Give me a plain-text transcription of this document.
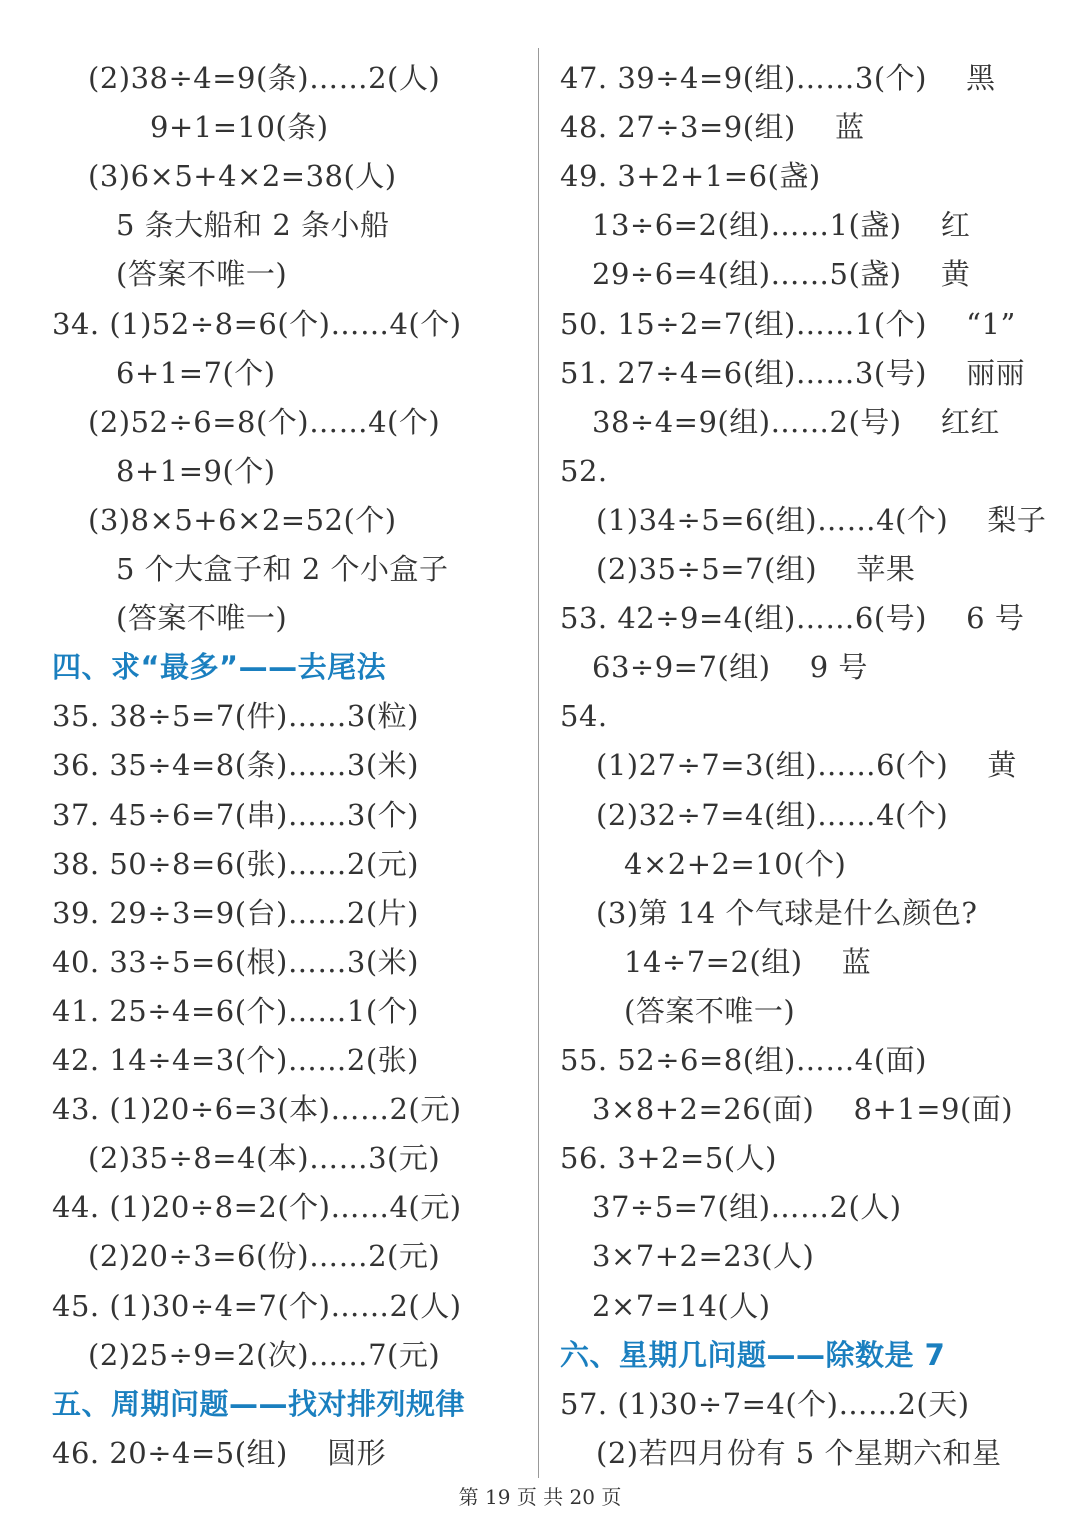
(2)38÷4=9(条)……2(人)
9+1=10(条)
(3)6×5+4×2=38(人)
5 条大船和 2 条小船
(答案不唯一)
34. (1)52÷8=6(个)……4(个)
6+1=7(个)
(2)52÷6=8(个)……4(个)
8+1=9(个)
(3)8×5+6×2=52(个)
5 个大盒子和 2 个小盒子
(答案不唯一)
四、求“最多”——去尾法
35. 38÷5=7(件)……3(粒)
36. 35÷4=8(条)……3(米)
37. 45÷6=7(串)……3(个)
38. 50÷8=6(张)……2(元)
39. 29÷3=9(台)……2(片)
40. 33÷5=6(根)……3(米)
41. 25÷4=6(个)……1(个)
42. 14÷4=3(个)……2(张)
43. (1)20÷6=3(本)……2(元)
(2)35÷8=4(本)……3(元)
44. (1)20÷8=2(个)……4(元)
(2)20÷3=6(份)……2(元)
45. (1)30÷4=7(个)……2(人)
(2)25÷9=2(次)……7(元)
五、周期问题——找对排列规律
46. 20÷4=5(组)　 圆形
47. 39÷4=9(组)……3(个)　 黑
48. 27÷3=9(组)　 蓝
49. 3+2+1=6(盏)
13÷6=2(组)……1(盏)　 红
29÷6=4(组)……5(盏)　 黄
50. 15÷2=7(组)……1(个)　 “1”
51. 27÷4=6(组)……3(号)　 丽丽
38÷4=9(组)……2(号)　 红红
52.
(1)34÷5=6(组)……4(个)　 梨子
(2)35÷5=7(组)　 苹果
53. 42÷9=4(组)……6(号)　 6 号
63÷9=7(组)　 9 号
54.
(1)27÷7=3(组)……6(个)　 黄
(2)32÷7=4(组)……4(个)
4×2+2=10(个)
(3)第 14 个气球是什么颜色?
14÷7=2(组)　 蓝
(答案不唯一)
55. 52÷6=8(组)……4(面)
3×8+2=26(面)　 8+1=9(面)
56. 3+2=5(人)
37÷5=7(组)……2(人)
3×7+2=23(人)
2×7=14(人)
六、星期几问题——除数是 7
57. (1)30÷7=4(个)……2(天)
(2)若四月份有 5 个星期六和星
第 19 页 共 20 页
